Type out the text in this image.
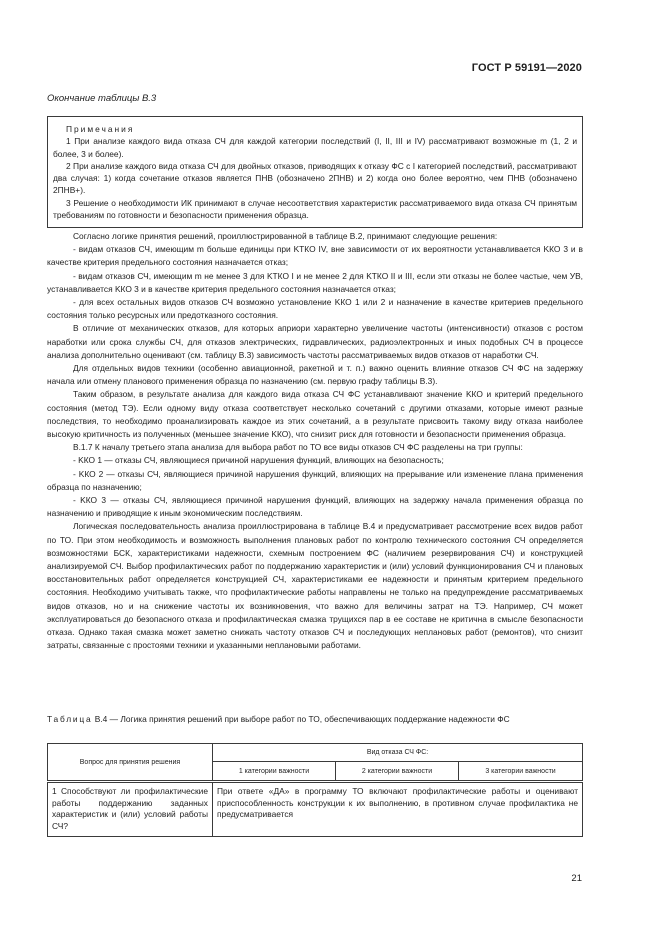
ГОСТ Р 59191—2020
Окончание таблицы В.3
Примечания

1 При анализе каждого вида отказа СЧ для каждой категории последствий (I, II, III и IV) рассматривают возможные m (1, 2 и более, 3 и более).

2 При анализе каждого вида отказа СЧ для двойных отказов, приводящих к отказу ФС с I категорией последствий, рассматривают два случая: 1) когда сочетание отказов является ПНВ (обозначено 2ПНВ) и 2) когда оно более вероятно, чем ПНВ (обозначено 2ПНВ+).

3 Решение о необходимости ИК принимают в случае несоответствия характеристик рассматриваемого вида отказа СЧ принятым требованиям по готовности и безопасности применения образца.

Согласно логике принятия решений, проиллюстрированной в таблице В.2, принимают следующие решения:

- видам отказов СЧ, имеющим m больше единицы при KТКО IV, вне зависимости от их вероятности устанавливается KКО 3 и в качестве критерия предельного состояния назначается отказ;

- видам отказов СЧ, имеющим m не менее 3 для KТКО I и не менее 2 для KТКО II и III, если эти отказы не более частые, чем УВ, устанавливается KКО 3 и в качестве критерия предельного состояния назначается отказ;

- для всех остальных видов отказов СЧ возможно установление KКО 1 или 2 и назначение в качестве критериев предельного состояния только ресурсных или предотказного состояния.

В отличие от механических отказов, для которых априори характерно увеличение частоты (интенсивности) отказов с ростом наработки или срока службы СЧ, для отказов электрических, гидравлических, радиоэлектронных и иных подобных СЧ в процессе анализа дополнительно оценивают (см. таблицу В.3) зависимость частоты рассматриваемых видов отказов от наработки СЧ.

Для отдельных видов техники (особенно авиационной, ракетной и т. п.) важно оценить влияние отказов СЧ ФС на задержку начала или отмену планового применения образца по назначению (см. первую графу таблицы В.3).

Таким образом, в результате анализа для каждого вида отказа СЧ ФС устанавливают значение KКО и критерий предельного состояния (метод ТЭ). Если одному виду отказа соответствует несколько сочетаний с другими отказами, которые имеют разные последствия, то необходимо проанализировать каждое из этих сочетаний, а в результате присвоить такому виду отказа наиболее высокую критичность из полученных (меньшее значение KКО), что снизит риск для готовности и безопасности применения образца.

В.1.7 К началу третьего этапа анализа для выбора работ по ТО все виды отказов СЧ ФС разделены на три группы:

- KКО 1 — отказы СЧ, являющиеся причиной нарушения функций, влияющих на безопасность;

- KКО 2 — отказы СЧ, являющиеся причиной нарушения функций, влияющих на прерывание или изменение плана применения образца по назначению;

- KКО 3 — отказы СЧ, являющиеся причиной нарушения функций, влияющих на задержку начала применения образца по назначению и приводящие к иным экономическим последствиям.

Логическая последовательность анализа проиллюстрирована в таблице В.4 и предусматривает рассмотрение всех видов работ по ТО. При этом необходимость и возможность выполнения плановых работ по контролю технического состояния СЧ определяется возможностями БСК, характеристиками надежности, схемным построением ФС (наличием резервирования СЧ) и конструкцией анализируемой СЧ. Выбор профилактических работ по поддержанию характеристик и (или) условий функционирования СЧ и плановых восстановительных работ определяется конструкцией СЧ, характеристиками ее надежности и принятым критерием предельного состояния. Необходимо учитывать также, что профилактические работы направлены не только на предупреждение рассматриваемых видов отказов, но и на снижение частоты их возникновения, что важно для величины затрат на ТЭ. Например, СЧ может эксплуатироваться до безопасного отказа и профилактическая смазка трущихся пар в ее составе не критична в смысле безопасности отказа. Однако такая смазка может заметно снижать частоту отказов СЧ и последующих неплановых работ (ремонтов), что снизит затраты, связанные с простоями техники и указанными неплановыми работами.

Таблица В.4 — Логика принятия решений при выборе работ по ТО, обеспечивающих поддержание надежности ФС
Вопрос для принятия решения	Вид отказа СЧ ФС:		
	1 категории важности	2 категории важности	3 категории важности
1 Способствуют ли профилактические работы поддержанию заданных характеристик и (или) условий работы СЧ?	При ответе «ДА» в программу ТО включают профилактические работы и оценивают приспособленность конструкции к их выполнению, в противном случае профилактика не предусматривается		
21
